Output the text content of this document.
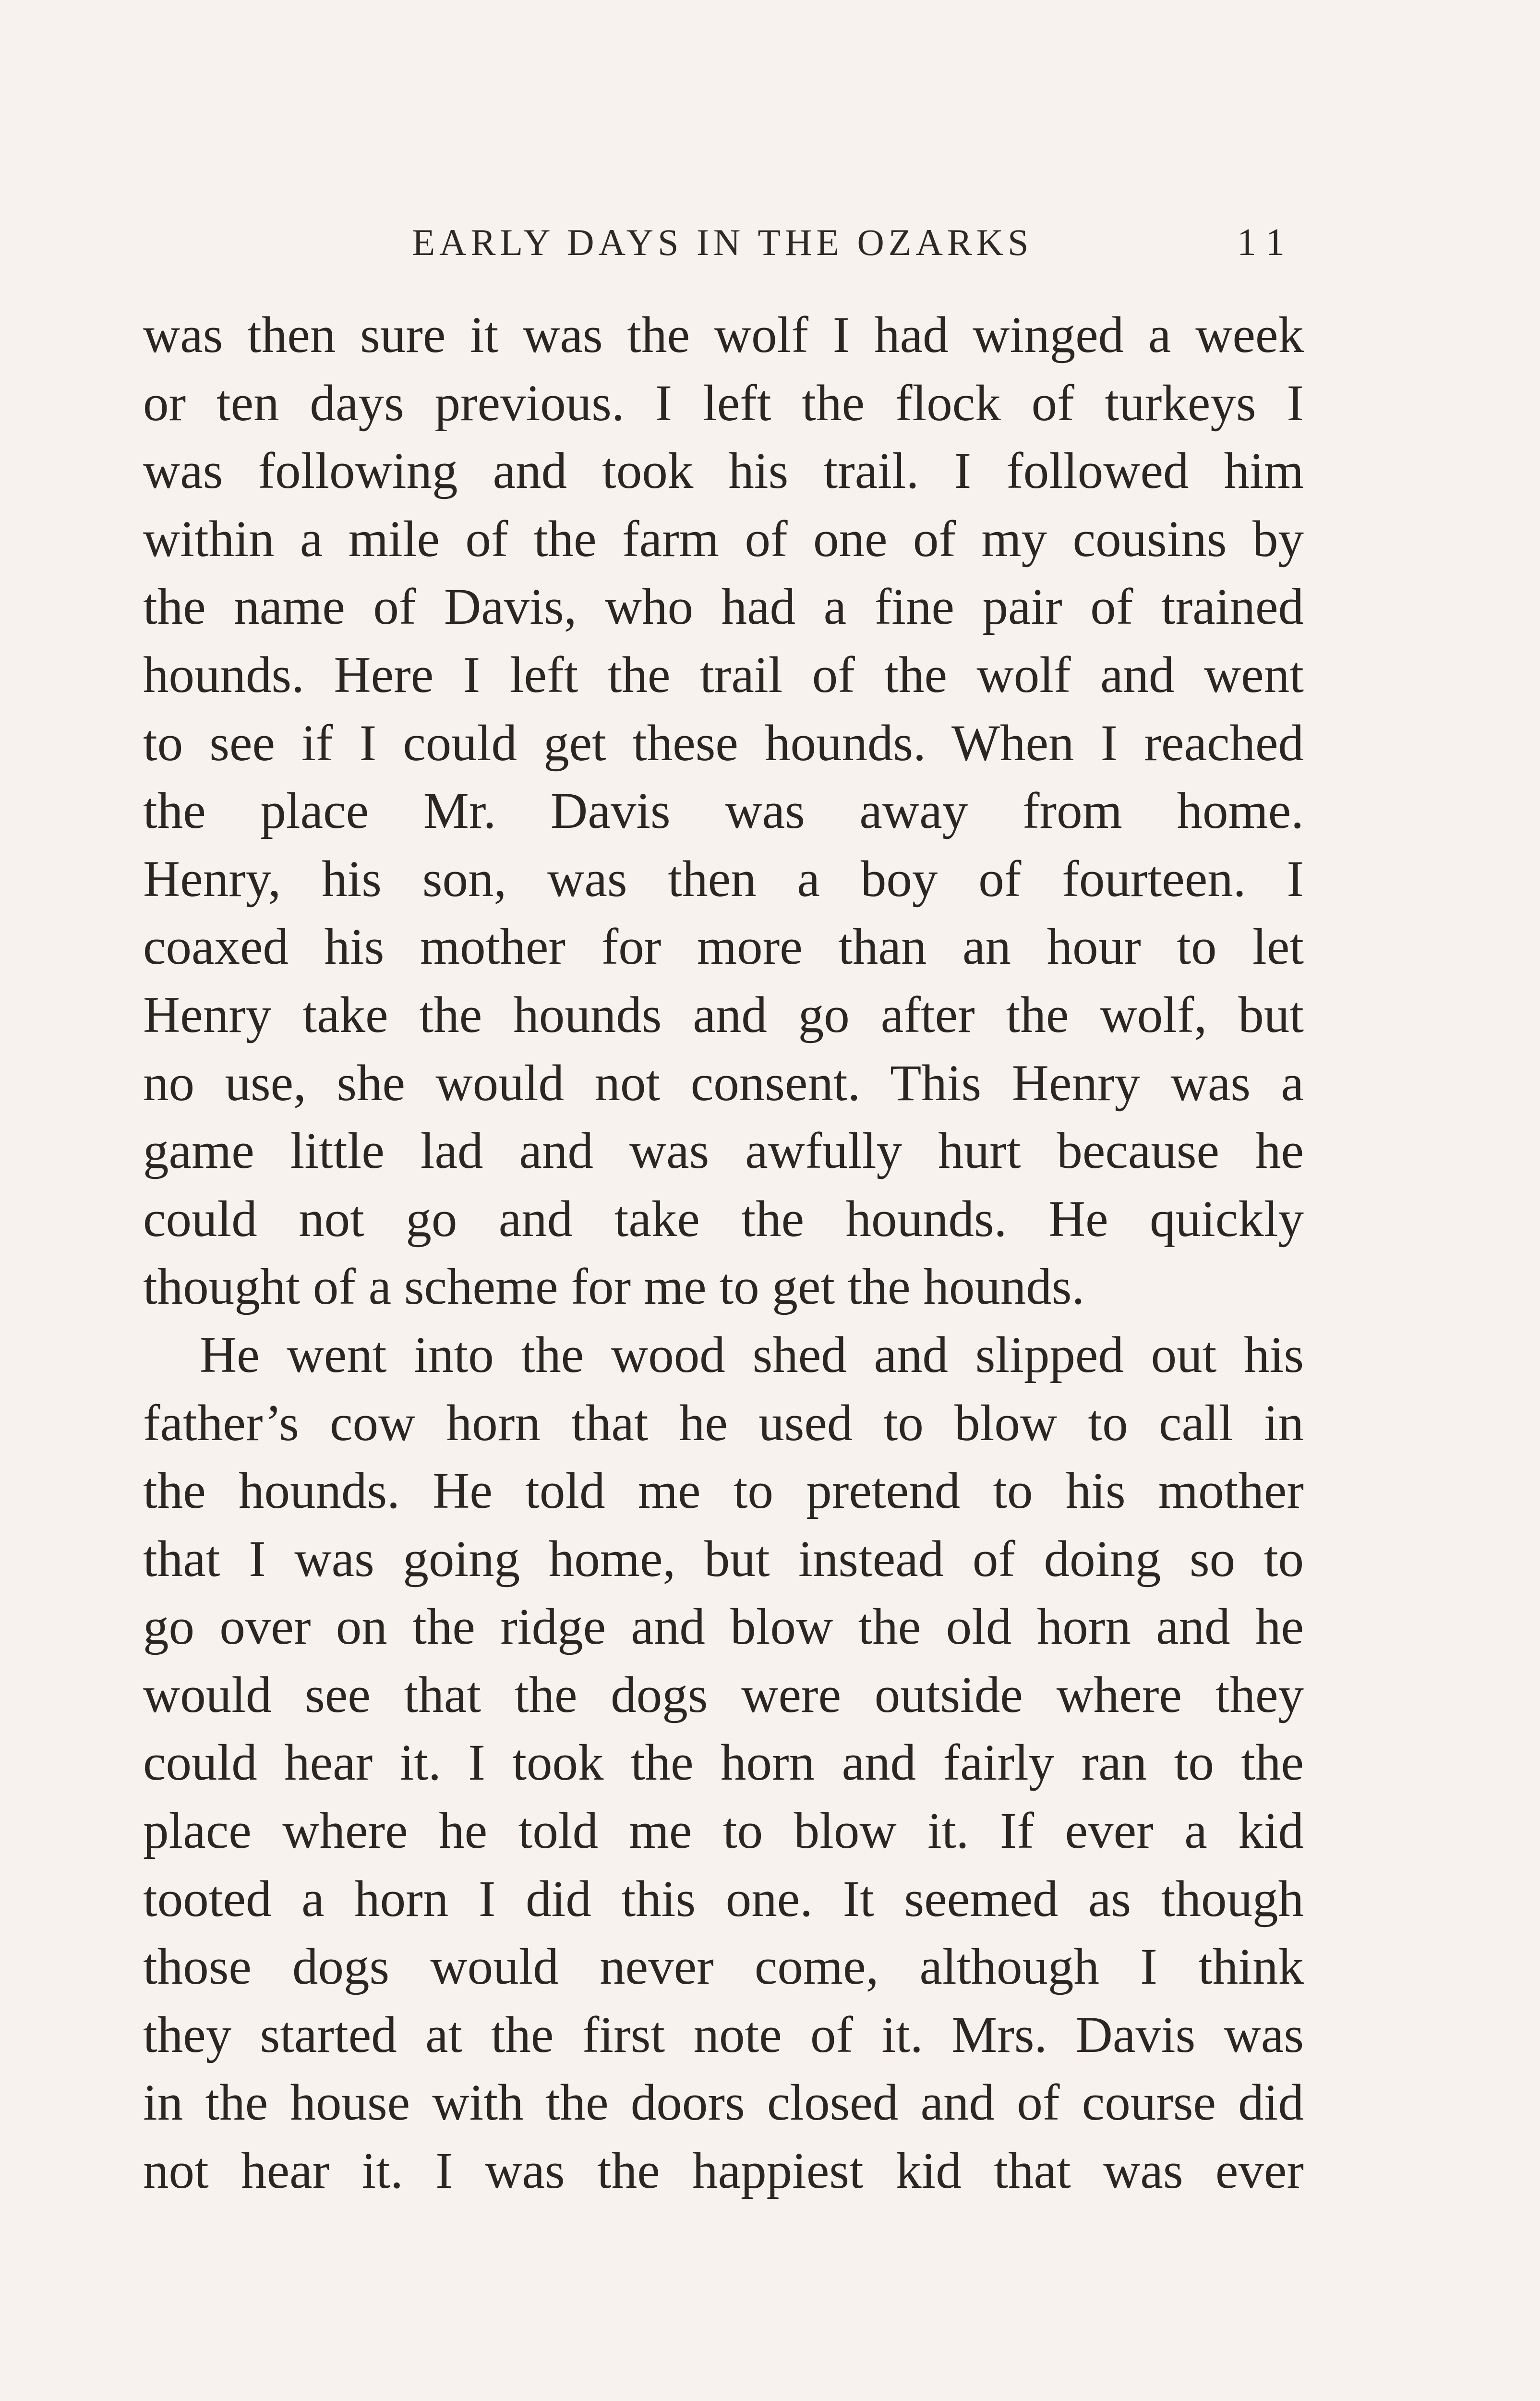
EARLY DAYS IN THE OZARKS	11
was then sure it was the wolf I had winged a week
or ten days previous. I left the flock of turkeys I
was following and took his trail. I followed him
within a mile of the farm of one of my cousins by
the name of Davis, who had a fine pair of trained
hounds. Here I left the trail of the wolf and went
to see if I could get these hounds. When I reached
the place Mr. Davis was away from home.
Henry, his son, was then a boy of fourteen. I
coaxed his mother for more than an hour to let
Henry take the hounds and go after the wolf, but
no use, she would not consent. This Henry was a
game little lad and was awfully hurt because he
could not go and take the hounds. He quickly
thought of a scheme for me to get the hounds.
He went into the wood shed and slipped out his
father’s cow horn that he used to blow to call in
the hounds. He told me to pretend to his mother
that I was going home, but instead of doing so to
go over on the ridge and blow the old horn and he
would see that the dogs were outside where they
could hear it. I took the horn and fairly ran to the
place where he told me to blow it. If ever a kid
tooted a horn I did this one. It seemed as though
those dogs would never come, although I think
they started at the first note of it. Mrs. Davis was
in the house with the doors closed and of course did
not hear it. I was the happiest kid that was ever
